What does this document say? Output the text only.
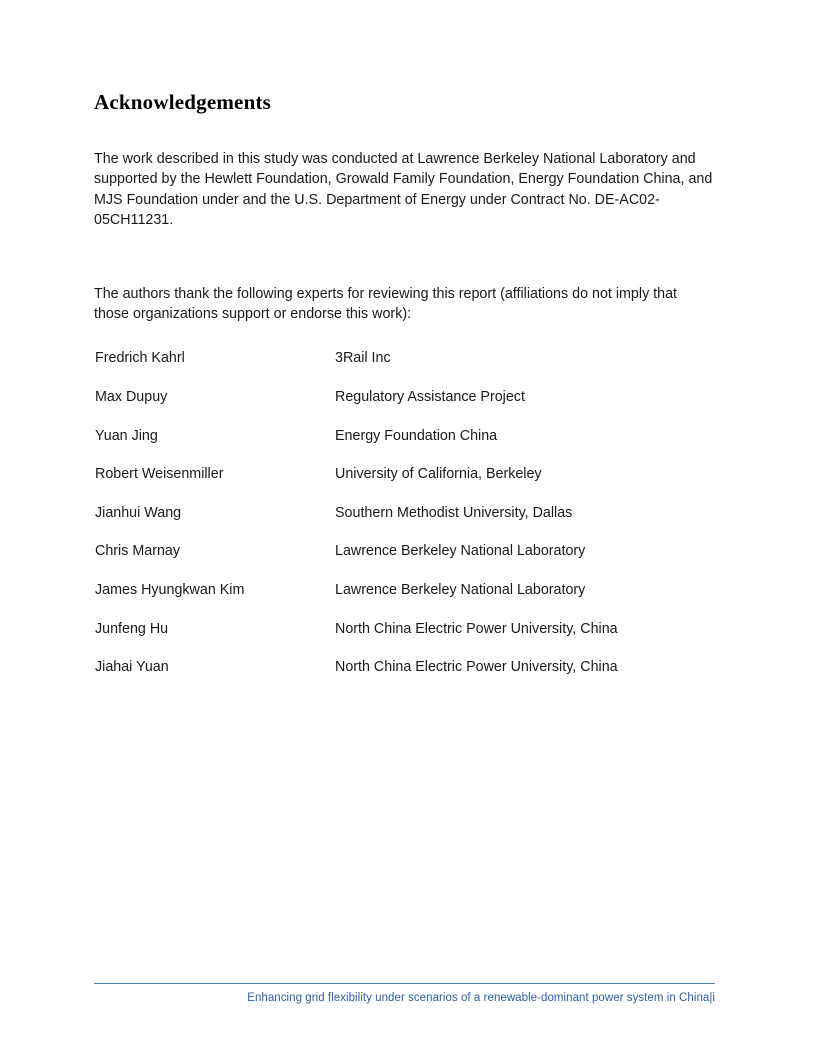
Acknowledgements

The work described in this study was conducted at Lawrence Berkeley National Laboratory and supported by the Hewlett Foundation, Growald Family Foundation, Energy Foundation China, and MJS Foundation under and the U.S. Department of Energy under Contract No. DE-AC02-05CH11231.

The authors thank the following experts for reviewing this report (affiliations do not imply that those organizations support or endorse this work):

Fredrich Kahrl	3Rail Inc
Max Dupuy	Regulatory Assistance Project
Yuan Jing	Energy Foundation China
Robert Weisenmiller	University of California, Berkeley
Jianhui Wang	Southern Methodist University, Dallas
Chris Marnay	Lawrence Berkeley National Laboratory
James Hyungkwan Kim	Lawrence Berkeley National Laboratory
Junfeng Hu	North China Electric Power University, China
Jiahai Yuan	North China Electric Power University, China
Enhancing grid flexibility under scenarios of a renewable-dominant power system in China|i
